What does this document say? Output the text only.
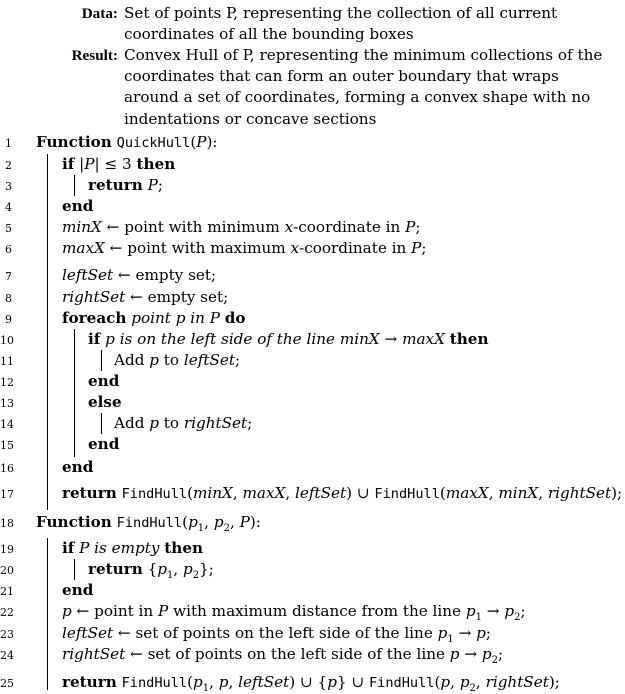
Data: Set of points P, representing the collection of all current coordinates of all the bounding boxes
Result: Convex Hull of P, representing the minimum collections of the coordinates that can form an outer boundary that wraps around a set of coordinates, forming a convex shape with no indentations or concave sections
1 Function QuickHull(P):
2	if |P| ≤ 3 then
3	return P;
4	end
5	minX ← point with minimum x-coordinate in P;
6	maxX ← point with maximum x-coordinate in P;
7	leftSet ← empty set;
8	rightSet ← empty set;
9	foreach point p in P do
10	if p is on the left side of the line minX → maxX then
11	Add p to leftSet;
12	end
13	else
14	Add p to rightSet;
15	end
16	end
17	return FindHull(minX, maxX, leftSet) ∪ FindHull(maxX, minX, rightSet);
18 Function $FindHull(p_1$, $p_2$, P):
19	if P is empty then
20	return {$p_1$, $p_2$};
21	end
22	p ← point in P with maximum distance from the line $p_1 \to p_2$;
23	leftSet ← set of points on the left side of the line $p_1 \to p$;
24	rightSet ← set of points on the left side of the line $p \to p_2$;
25	return $FindHull(p_1$, p, leftSet) ∪ {p} ∪ FindHull(p, $p_2$, rightSet);
